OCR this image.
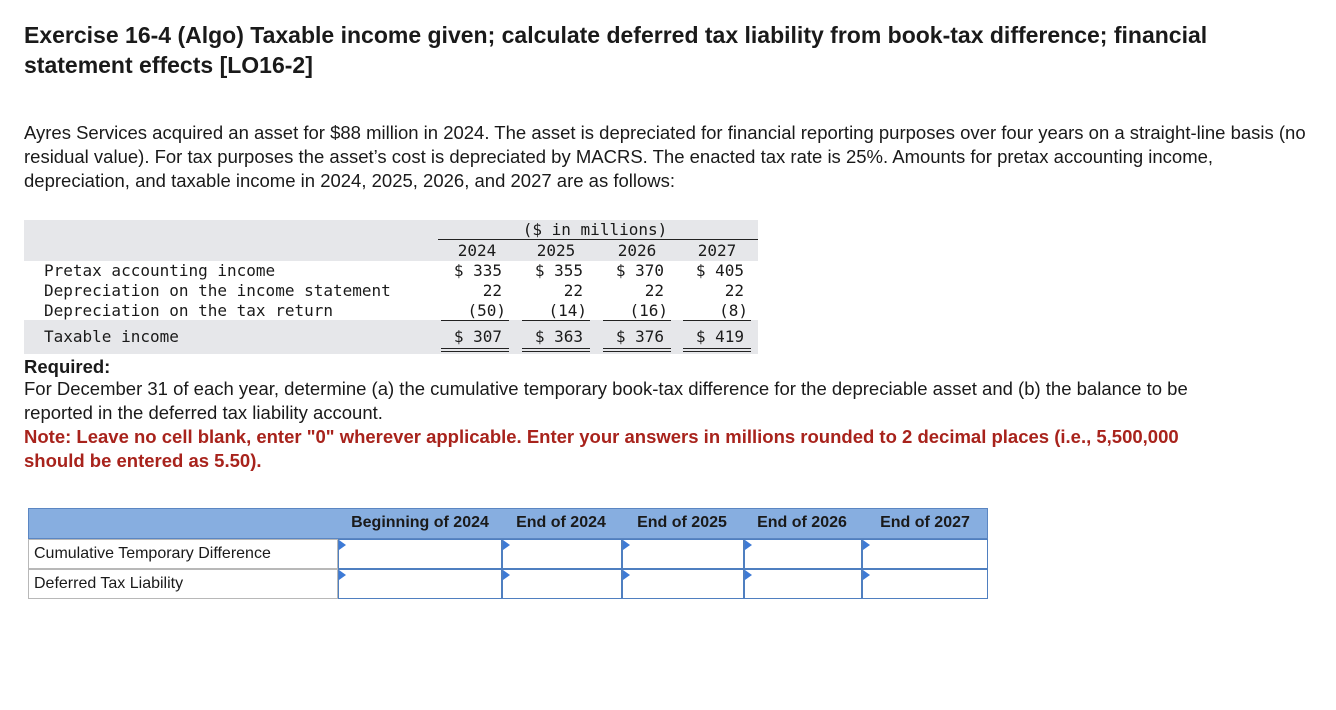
Exercise 16-4 (Algo) Taxable income given; calculate deferred tax liability from book-tax difference; financial statement effects [LO16-2]
Ayres Services acquired an asset for $88 million in 2024. The asset is depreciated for financial reporting purposes over four years on a straight-line basis (no residual value). For tax purposes the asset’s cost is depreciated by MACRS. The enacted tax rate is 25%. Amounts for pretax accounting income, depreciation, and taxable income in 2024, 2025, 2026, and 2027 are as follows:
($ in millions)
2024	2025	2026	2027
Pretax accounting income	$ 335	$ 355	$ 370	$ 405
Depreciation on the income statement	22	22	22	22
Depreciation on the tax return	(50)	(14)	(16)	(8)
Taxable income	$ 307	$ 363	$ 376	$ 419
Required:
For December 31 of each year, determine (a) the cumulative temporary book-tax difference for the depreciable asset and (b) the balance to be reported in the deferred tax liability account.
Note: Leave no cell blank, enter "0" wherever applicable. Enter your answers in millions rounded to 2 decimal places (i.e., 5,500,000 should be entered as 5.50).
Beginning of 2024	End of 2024	End of 2025	End of 2026	End of 2027
Cumulative Temporary Difference
Deferred Tax Liability
